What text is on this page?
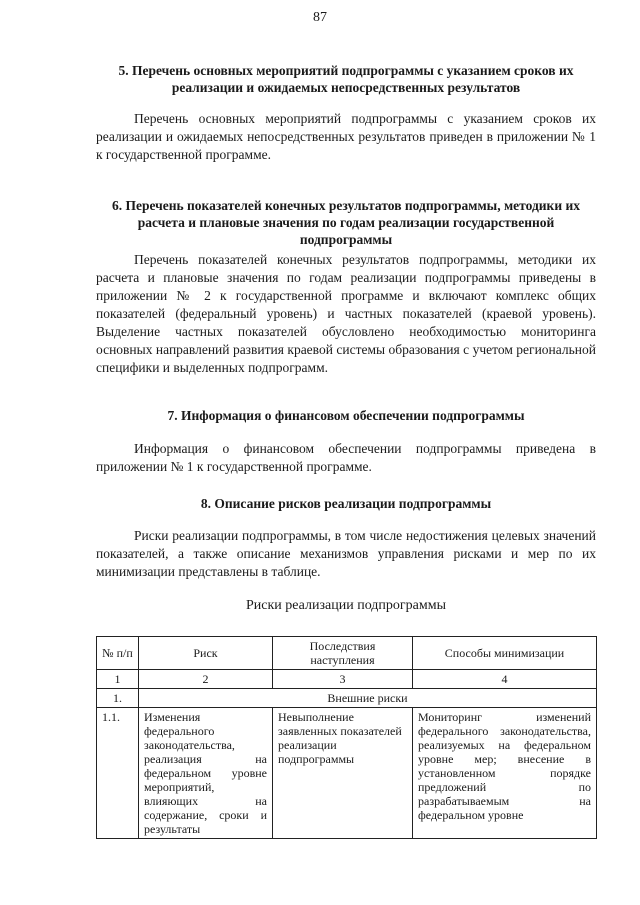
87
5. Перечень основных мероприятий подпрограммы с указанием сроков их реализации и ожидаемых непосредственных результатов
Перечень основных мероприятий подпрограммы с указанием сроков их реализации и ожидаемых непосредственных результатов приведен в приложении № 1 к государственной программе.
6. Перечень показателей конечных результатов подпрограммы, методики их расчета и плановые значения по годам реализации государственной подпрограммы
Перечень показателей конечных результатов подпрограммы, методики их расчета и плановые значения по годам реализации подпрограммы приведены в приложении № 2 к государственной программе и включают комплекс общих показателей (федеральный уровень) и частных показателей (краевой уровень). Выделение частных показателей обусловлено необходимостью мониторинга основных направлений развития краевой системы образования с учетом региональной специфики и выделенных подпрограмм.
7. Информация о финансовом обеспечении подпрограммы
Информация о финансовом обеспечении подпрограммы приведена в приложении № 1 к государственной программе.
8. Описание рисков реализации подпрограммы
Риски реализации подпрограммы, в том числе недостижения целевых значений показателей, а также описание механизмов управления рисками и мер по их минимизации представлены в таблице.
Риски реализации подпрограммы
№ п/п	Риск	Последствия наступления	Способы минимизации
1	2	3	4
1.	Внешние риски		
1.1.	Изменения федерального законодательства, реализация на федеральном уровне мероприятий, влияющих на содержание, сроки и результаты	Невыполнение заявленных показателей реализации подпрограммы	Мониторинг изменений федерального законодательства, реализуемых на федеральном уровне мер; внесение в установленном порядке предложений по разрабатываемым на федеральном уровне
